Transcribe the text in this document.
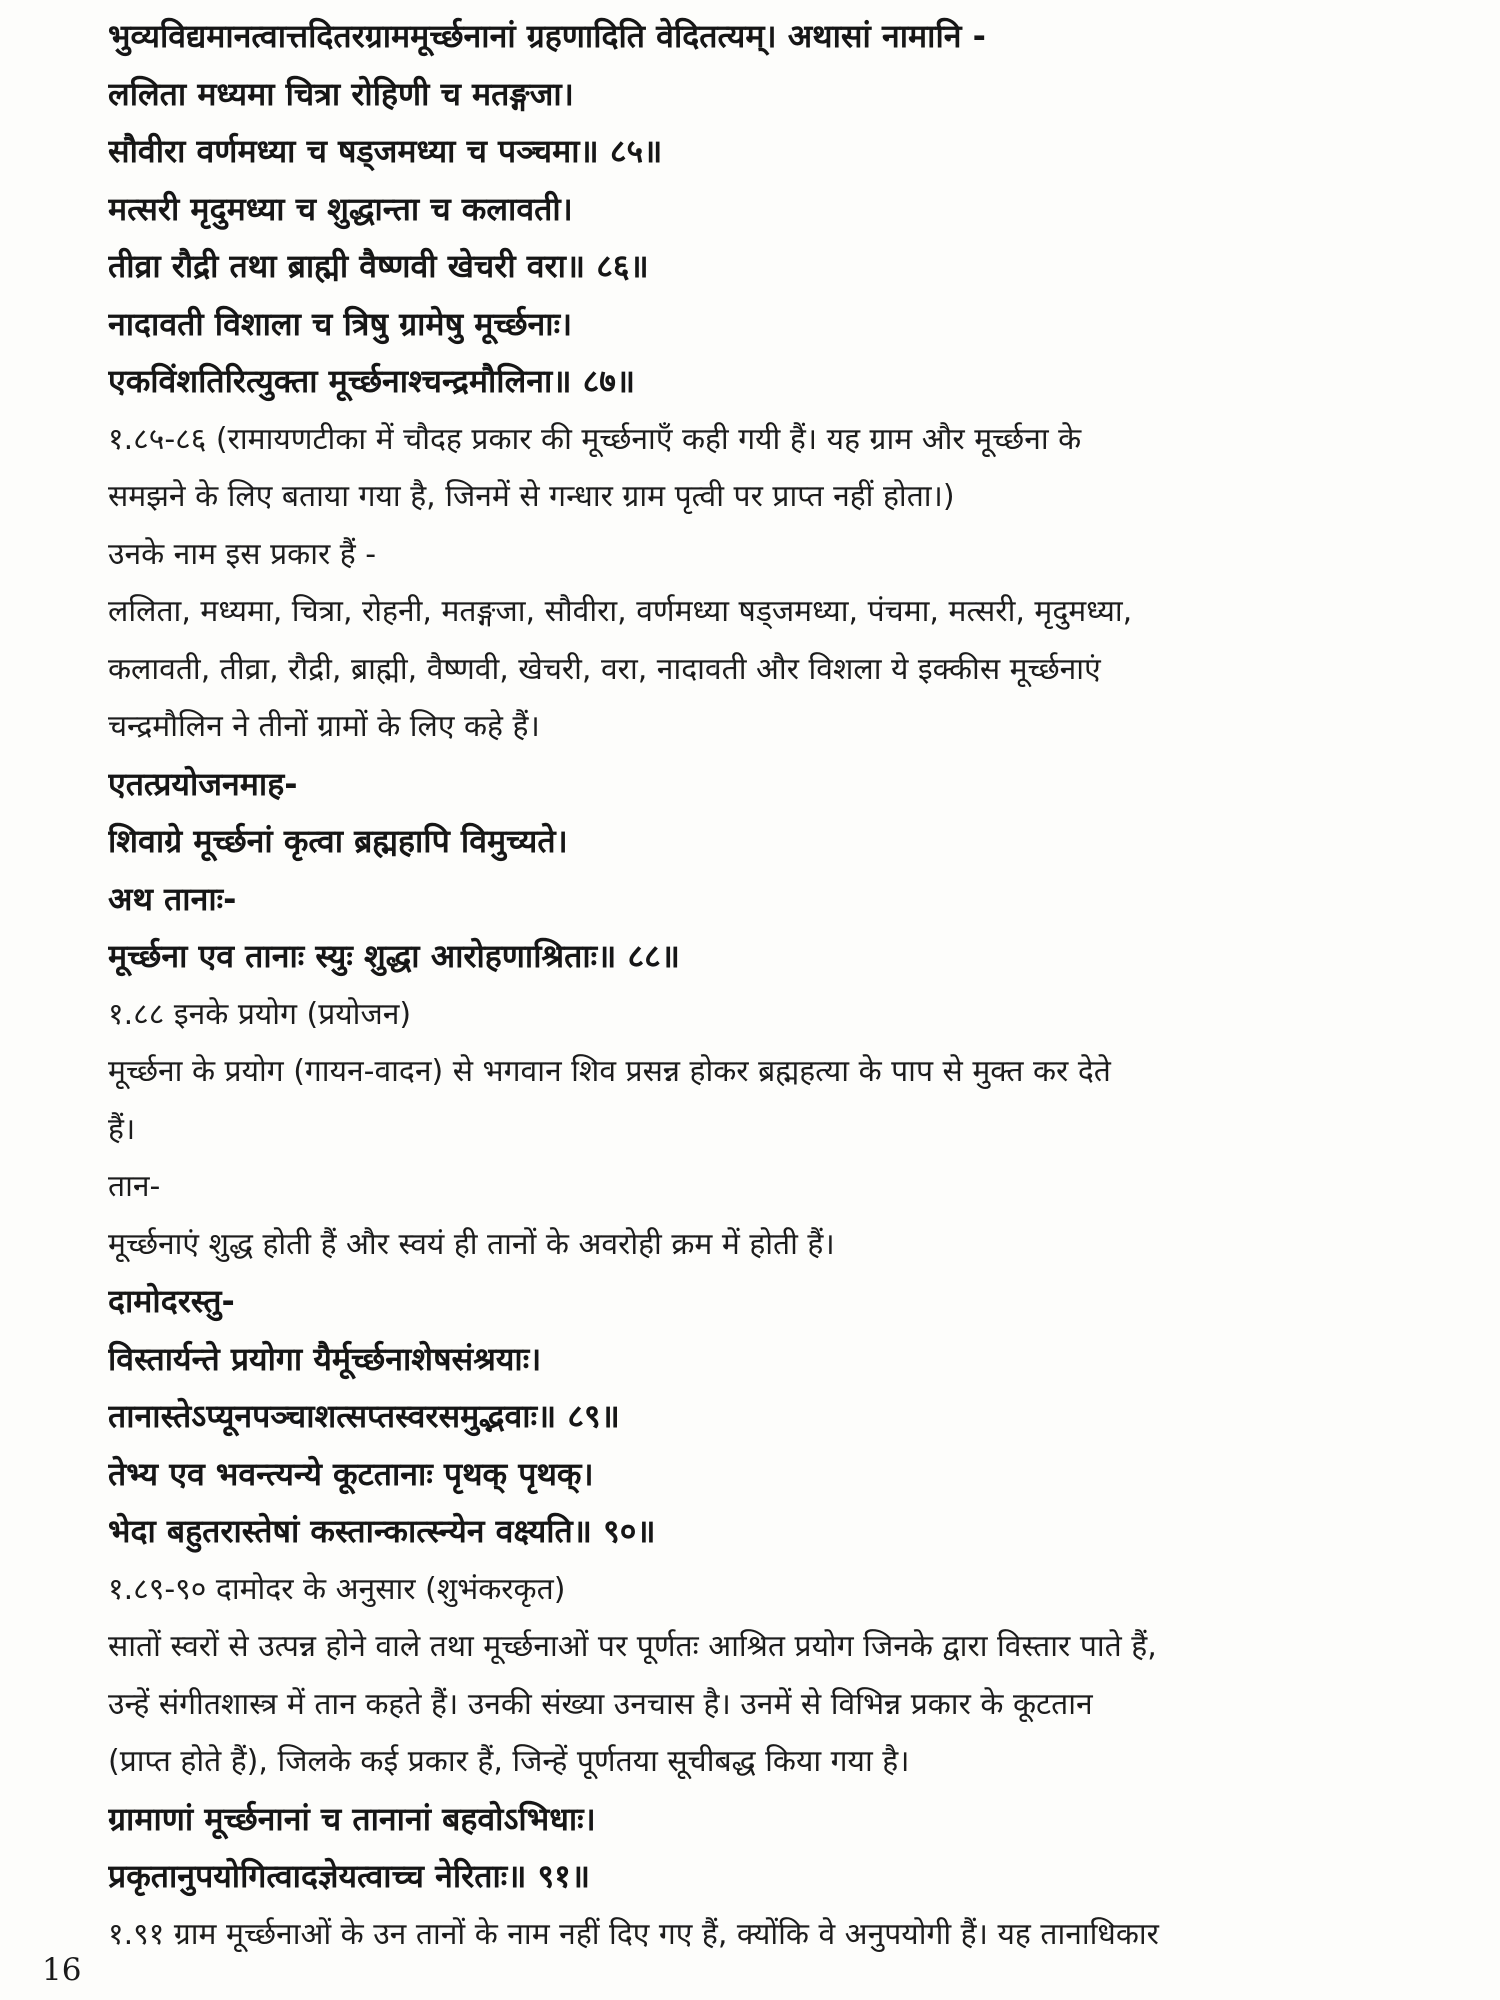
भुव्यविद्यमानत्वात्तदितरग्राममूर्च्छनानां ग्रहणादिति वेदितत्यम्। अथासां नामानि -
ललिता मध्यमा चित्रा रोहिणी च मतङ्गजा।
सौवीरा वर्णमध्या च षड्जमध्या च पञ्चमा॥ ८५॥
मत्सरी मृदुमध्या च शुद्धान्ता च कलावती।
तीव्रा रौद्री तथा ब्राह्मी वैष्णवी खेचरी वरा॥ ८६॥
नादावती विशाला च त्रिषु ग्रामेषु मूर्च्छनाः।
एकविंशतिरित्युक्ता मूर्च्छनाश्चन्द्रमौलिना॥ ८७॥
१.८५-८६ (रामायणटीका में चौदह प्रकार की मूर्च्छनाएँ कही गयी हैं। यह ग्राम और मूर्च्छना के
समझने के लिए बताया गया है, जिनमें से गन्धार ग्राम पृत्वी पर प्राप्त नहीं होता।)
उनके नाम इस प्रकार हैं -
ललिता, मध्यमा, चित्रा, रोहनी, मतङ्गजा, सौवीरा, वर्णमध्या षड्जमध्या, पंचमा, मत्सरी, मृदुमध्या,
कलावती, तीव्रा, रौद्री, ब्राह्मी, वैष्णवी, खेचरी, वरा, नादावती और विशला ये इक्कीस मूर्च्छनाएं
चन्द्रमौलिन ने तीनों ग्रामों के लिए कहे हैं।
एतत्प्रयोजनमाह-
शिवाग्रे मूर्च्छनां कृत्वा ब्रह्महापि विमुच्यते।
अथ तानाः-
मूर्च्छना एव तानाः स्युः शुद्धा आरोहणाश्रिताः॥ ८८॥
१.८८ इनके प्रयोग (प्रयोजन)
मूर्च्छना के प्रयोग (गायन-वादन) से भगवान शिव प्रसन्न होकर ब्रह्महत्या के पाप से मुक्त कर देते
हैं।
तान-
मूर्च्छनाएं शुद्ध होती हैं और स्वयं ही तानों के अवरोही क्रम में होती हैं।
दामोदरस्तु-
विस्तार्यन्ते प्रयोगा यैर्मूर्च्छनाशेषसंश्रयाः।
तानास्तेऽप्यूनपञ्चाशत्सप्तस्वरसमुद्भवाः॥ ८९॥
तेभ्य एव भवन्त्यन्ये कूटतानाः पृथक् पृथक्।
भेदा बहुतरास्तेषां कस्तान्कात्स्न्येन वक्ष्यति॥ ९०॥
१.८९-९० दामोदर के अनुसार (शुभंकरकृत)
सातों स्वरों से उत्पन्न होने वाले तथा मूर्च्छनाओं पर पूर्णतः आश्रित प्रयोग जिनके द्वारा विस्तार पाते हैं,
उन्हें संगीतशास्त्र में तान कहते हैं। उनकी संख्या उनचास है। उनमें से विभिन्न प्रकार के कूटतान
(प्राप्त होते हैं), जिलके कई प्रकार हैं, जिन्हें पूर्णतया सूचीबद्ध किया गया है।
ग्रामाणां मूर्च्छनानां च तानानां बहवोऽभिधाः।
प्रकृतानुपयोगित्वादज्ञेयत्वाच्च नेरिताः॥ ९१॥
१.९१ ग्राम मूर्च्छनाओं के उन तानों के नाम नहीं दिए गए हैं, क्योंकि वे अनुपयोगी हैं। यह तानाधिकार
16
